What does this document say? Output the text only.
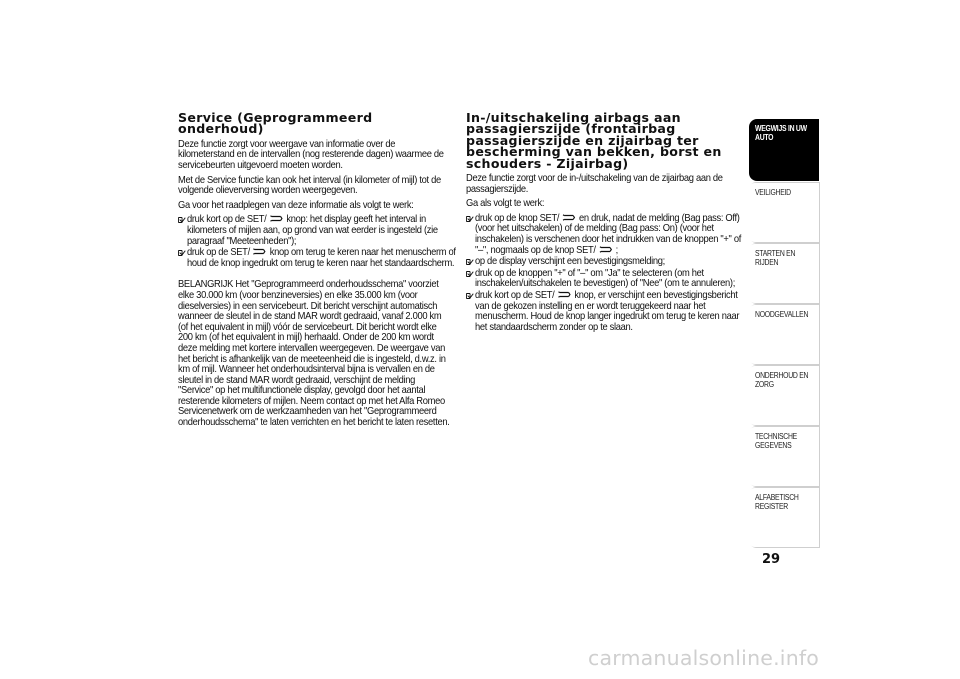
Service (Geprogrammeerd onderhoud)

Deze functie zorgt voor weergave van informatie over de kilometerstand en de intervallen (nog resterende dagen) waarmee de servicebeurten uitgevoerd moeten worden.

Met de Service functie kan ook het interval (in kilometer of mijl) tot de volgende olieverversing worden weergegeven.

Ga voor het raadplegen van deze informatie als volgt te werk:

druk kort op de SET/ knop: het display geeft het interval in kilometers of mijlen aan, op grond van wat eerder is ingesteld (zie paragraaf "Meeteenheden");

druk op de SET/ knop om terug te keren naar het menuscherm of houd de knop ingedrukt om terug te keren naar het standaardscherm.

BELANGRIJK Het "Geprogrammeerd onderhoudsschema" voorziet elke 30.000 km (voor benzineversies) en elke 35.000 km (voor dieselversies) in een servicebeurt. Dit bericht verschijnt automatisch wanneer de sleutel in de stand MAR wordt gedraaid, vanaf 2.000 km (of het equivalent in mijl) vóór de servicebeurt. Dit bericht wordt elke 200 km (of het equivalent in mijl) herhaald. Onder de 200 km wordt deze melding met kortere intervallen weergegeven. De weergave van het bericht is afhankelijk van de meeteenheid die is ingesteld, d.w.z. in km of mijl. Wanneer het onderhoudsinterval bijna is vervallen en de sleutel in de stand MAR wordt gedraaid, verschijnt de melding "Service" op het multifunctionele display, gevolgd door het aantal resterende kilometers of mijlen. Neem contact op met het Alfa Romeo Servicenetwerk om de werkzaamheden van het "Geprogrammeerd onderhoudsschema" te laten verrichten en het bericht te laten resetten.

In-/uitschakeling airbags aan passagierszijde (frontairbag passagierszijde en zijairbag ter bescherming van bekken, borst en schouders - Zijairbag)

Deze functie zorgt voor de in-/uitschakeling van de zijairbag aan de passagierszijde.

Ga als volgt te werk:

druk op de knop SET/ en druk, nadat de melding (Bag pass: Off) (voor het uitschakelen) of de melding (Bag pass: On) (voor het inschakelen) is verschenen door het indrukken van de knoppen "+" of "–", nogmaals op de knop SET/ ;

op de display verschijnt een bevestigingsmelding;

druk op de knoppen "+" of "–" om "Ja" te selecteren (om het inschakelen/uitschakelen te bevestigen) of "Nee" (om te annuleren);

druk kort op de SET/ knop, er verschijnt een bevestigingsbericht van de gekozen instelling en er wordt teruggekeerd naar het menuscherm. Houd de knop langer ingedrukt om terug te keren naar het standaardscherm zonder op te slaan.

WEGWIJS IN UW AUTO
VEILIGHEID
STARTEN EN RIJDEN
NOODGEVALLEN
ONDERHOUD EN ZORG
TECHNISCHE GEGEVENS
ALFABETISCH REGISTER
29
carmanualsonline.info
